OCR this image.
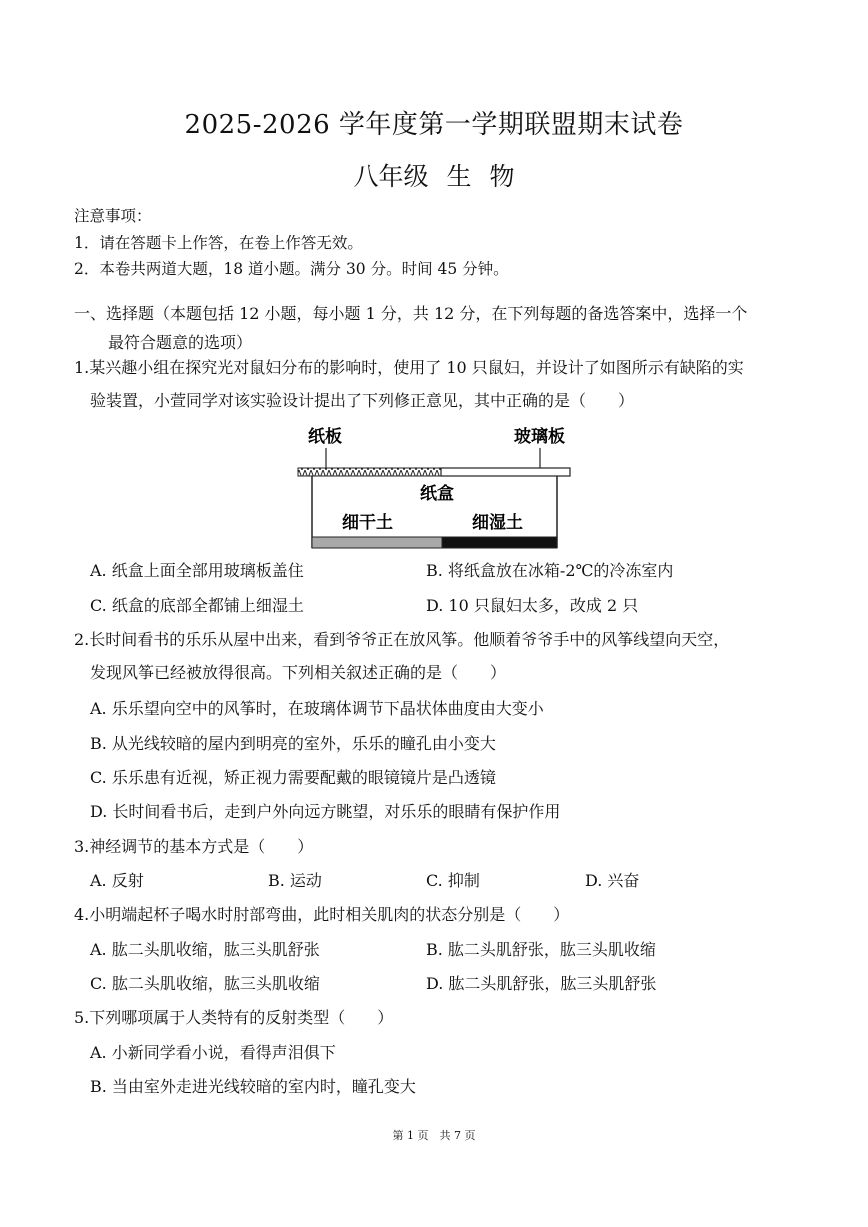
2025-2026 学年度第一学期联盟期末试卷
八年级 生 物
注意事项：
1．请在答题卡上作答，在卷上作答无效。
2．本卷共两道大题，18 道小题。满分 30 分。时间 45 分钟。
一、选择题（本题包括 12 小题，每小题 1 分，共 12 分，在下列每题的备选答案中，选择一个
最符合题意的选项）
1.某兴趣小组在探究光对鼠妇分布的影响时，使用了 10 只鼠妇，并设计了如图所示有缺陷的实
验装置，小萱同学对该实验设计提出了下列修正意见，其中正确的是（　　）
纸板	玻璃板
纸盒
细干土	细湿土
A. 纸盒上面全部用玻璃板盖住	B. 将纸盒放在冰箱-2℃的冷冻室内
C. 纸盒的底部全都铺上细湿土	D. 10 只鼠妇太多，改成 2 只
2.长时间看书的乐乐从屋中出来，看到爷爷正在放风筝。他顺着爷爷手中的风筝线望向天空，
发现风筝已经被放得很高。下列相关叙述正确的是（　　）
A. 乐乐望向空中的风筝时，在玻璃体调节下晶状体曲度由大变小
B. 从光线较暗的屋内到明亮的室外，乐乐的瞳孔由小变大
C. 乐乐患有近视，矫正视力需要配戴的眼镜镜片是凸透镜
D. 长时间看书后，走到户外向远方眺望，对乐乐的眼睛有保护作用
3.神经调节的基本方式是（　　）
A. 反射	B. 运动	C. 抑制	D. 兴奋
4.小明端起杯子喝水时肘部弯曲，此时相关肌肉的状态分别是（　　）
A. 肱二头肌收缩，肱三头肌舒张	B. 肱二头肌舒张，肱三头肌收缩
C. 肱二头肌收缩，肱三头肌收缩	D. 肱二头肌舒张，肱三头肌舒张
5.下列哪项属于人类特有的反射类型（　　）
A. 小新同学看小说，看得声泪俱下
B. 当由室外走进光线较暗的室内时，瞳孔变大
第 1 页　共 7 页
